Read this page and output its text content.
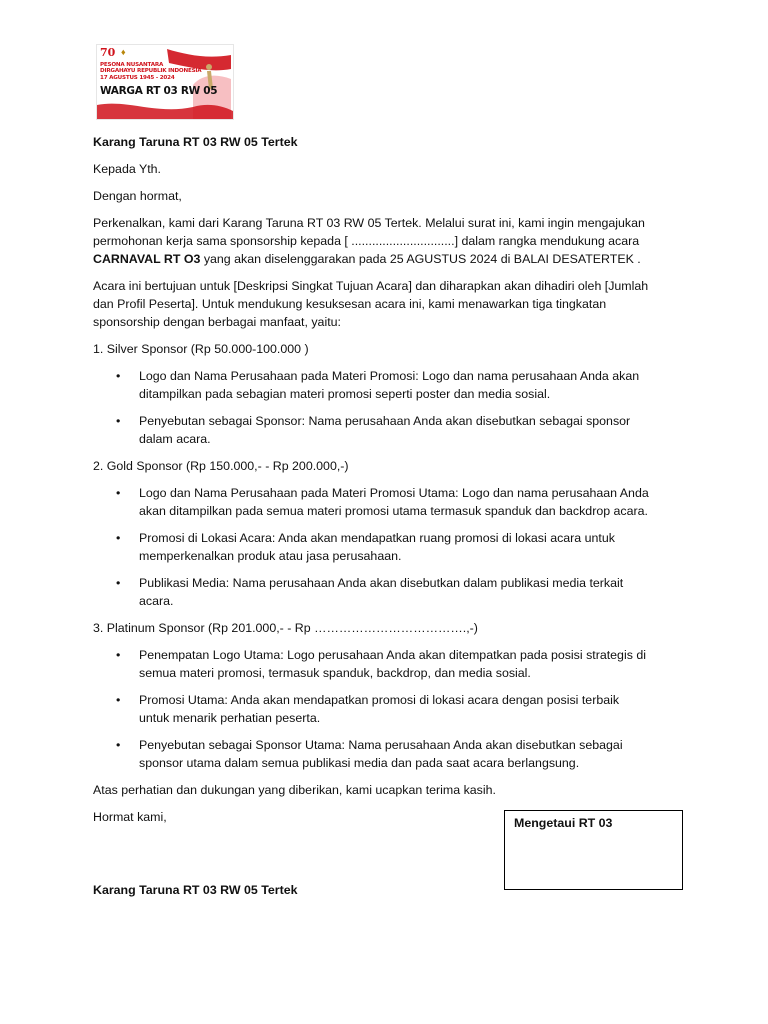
70 ♦
PESONA NUSANTARA
DIRGAHAYU REPUBLIK INDONESIA
17 AGUSTUS 1945 - 2024
WARGA RT 03 RW 05

Karang Taruna RT 03 RW 05 Tertek

Kepada Yth.

Dengan hormat,

Perkenalkan, kami dari Karang Taruna RT 03 RW 05 Tertek. Melalui surat ini, kami ingin mengajukan

permohonan kerja sama sponsorship kepada [ ..............................] dalam rangka mendukung acara

CARNAVAL RT O3 yang akan diselenggarakan pada 25 AGUSTUS 2024 di BALAI DESATERTEK .

Acara ini bertujuan untuk [Deskripsi Singkat Tujuan Acara] dan diharapkan akan dihadiri oleh [Jumlah

dan Profil Peserta]. Untuk mendukung kesuksesan acara ini, kami menawarkan tiga tingkatan

sponsorship dengan berbagai manfaat, yaitu:

1. Silver Sponsor (Rp 50.000-100.000 )

• Logo dan Nama Perusahaan pada Materi Promosi: Logo dan nama perusahaan Anda akan

ditampilkan pada sebagian materi promosi seperti poster dan media sosial.

• Penyebutan sebagai Sponsor: Nama perusahaan Anda akan disebutkan sebagai sponsor

dalam acara.

2. Gold Sponsor (Rp 150.000,- - Rp 200.000,-)

• Logo dan Nama Perusahaan pada Materi Promosi Utama: Logo dan nama perusahaan Anda

akan ditampilkan pada semua materi promosi utama termasuk spanduk dan backdrop acara.

• Promosi di Lokasi Acara: Anda akan mendapatkan ruang promosi di lokasi acara untuk

memperkenalkan produk atau jasa perusahaan.

• Publikasi Media: Nama perusahaan Anda akan disebutkan dalam publikasi media terkait

acara.

3. Platinum Sponsor (Rp 201.000,- - Rp ……………………………….,-)

• Penempatan Logo Utama: Logo perusahaan Anda akan ditempatkan pada posisi strategis di

semua materi promosi, termasuk spanduk, backdrop, dan media sosial.

• Promosi Utama: Anda akan mendapatkan promosi di lokasi acara dengan posisi terbaik

untuk menarik perhatian peserta.

• Penyebutan sebagai Sponsor Utama: Nama perusahaan Anda akan disebutkan sebagai

sponsor utama dalam semua publikasi media dan pada saat acara berlangsung.

Atas perhatian dan dukungan yang diberikan, kami ucapkan terima kasih.

Hormat kami,

Karang Taruna RT 03 RW 05 Tertek

Mengetaui RT 03
